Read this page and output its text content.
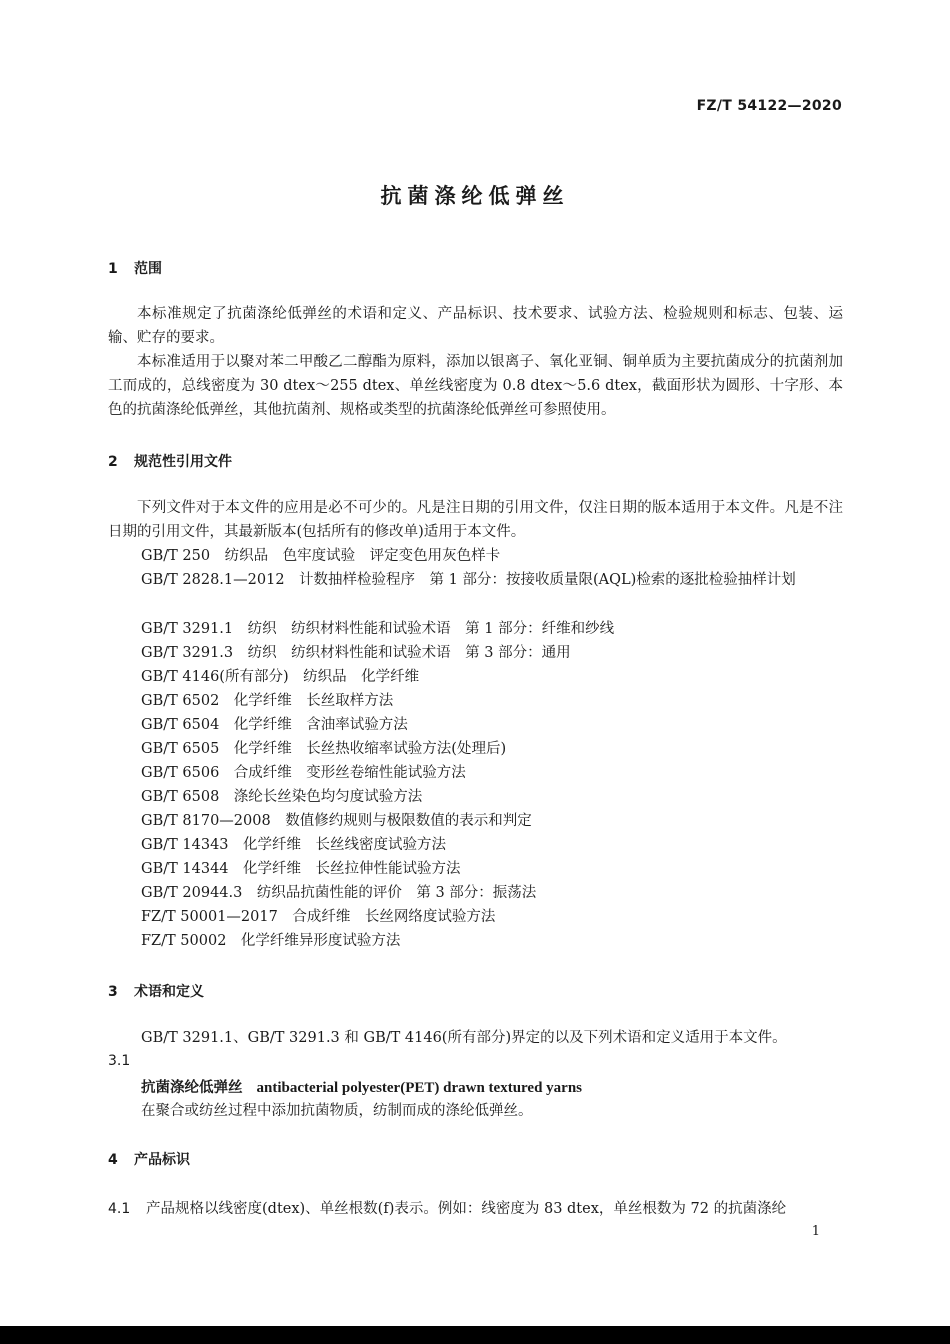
FZ/T 54122—2020
抗菌涤纶低弹丝
1 范围

本标准规定了抗菌涤纶低弹丝的术语和定义、产品标识、技术要求、试验方法、检验规则和标志、包装、运输、贮存的要求。

本标准适用于以聚对苯二甲酸乙二醇酯为原料，添加以银离子、氧化亚铜、铜单质为主要抗菌成分的抗菌剂加工而成的，总线密度为 30 dtex～255 dtex、单丝线密度为 0.8 dtex～5.6 dtex，截面形状为圆形、十字形、本色的抗菌涤纶低弹丝，其他抗菌剂、规格或类型的抗菌涤纶低弹丝可参照使用。

2 规范性引用文件

下列文件对于本文件的应用是必不可少的。凡是注日期的引用文件，仅注日期的版本适用于本文件。凡是不注日期的引用文件，其最新版本(包括所有的修改单)适用于本文件。

GB/T 250　纺织品　色牢度试验　评定变色用灰色样卡

GB/T 2828.1—2012　计数抽样检验程序　第 1 部分：按接收质量限(AQL)检索的逐批检验抽样计划

GB/T 3291.1　纺织　纺织材料性能和试验术语　第 1 部分：纤维和纱线
GB/T 3291.3　纺织　纺织材料性能和试验术语　第 3 部分：通用
GB/T 4146(所有部分)　纺织品　化学纤维
GB/T 6502　化学纤维　长丝取样方法
GB/T 6504　化学纤维　含油率试验方法
GB/T 6505　化学纤维　长丝热收缩率试验方法(处理后)
GB/T 6506　合成纤维　变形丝卷缩性能试验方法
GB/T 6508　涤纶长丝染色均匀度试验方法
GB/T 8170—2008　数值修约规则与极限数值的表示和判定
GB/T 14343　化学纤维　长丝线密度试验方法
GB/T 14344　化学纤维　长丝拉伸性能试验方法
GB/T 20944.3　纺织品抗菌性能的评价　第 3 部分：振荡法
FZ/T 50001—2017　合成纤维　长丝网络度试验方法
FZ/T 50002　化学纤维异形度试验方法
3 术语和定义
GB/T 3291.1、GB/T 3291.3 和 GB/T 4146(所有部分)界定的以及下列术语和定义适用于本文件。
3.1
抗菌涤纶低弹丝 antibacterial polyester(PET) drawn textured yarns
在聚合或纺丝过程中添加抗菌物质，纺制而成的涤纶低弹丝。
4 产品标识
4.1 产品规格以线密度(dtex)、单丝根数(f)表示。例如：线密度为 83 dtex，单丝根数为 72 的抗菌涤纶
1
